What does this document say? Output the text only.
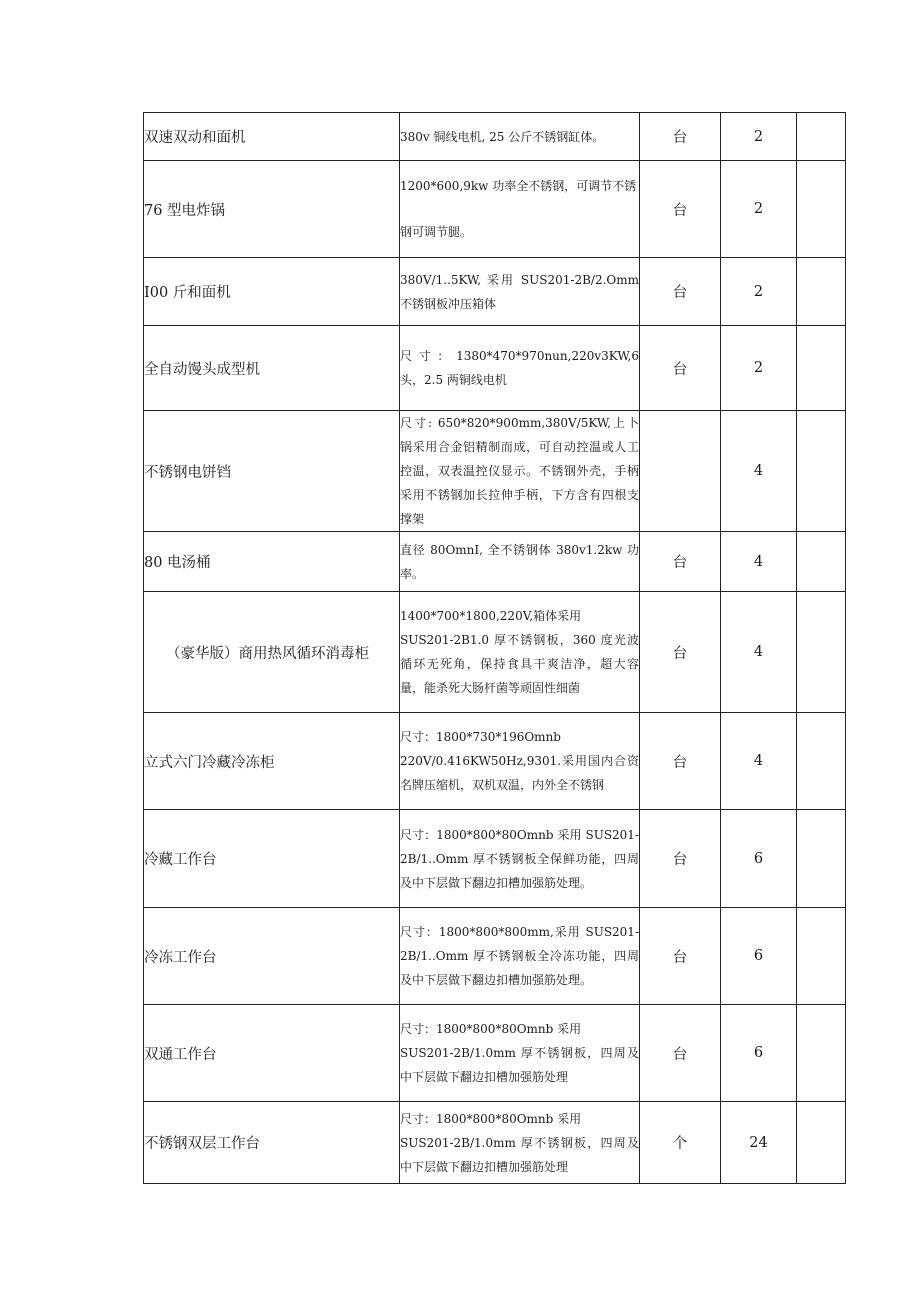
双速双动和面机	380v 铜线电机, 25 公斤不锈钢缸体。	台	2	
76 型电炸锅	1200*600,9kw 功率全不锈钢，可调节不锈
钢可调节腿。	台	2	
I00 斤和面机	380V/1..5KW, 采用 SUS201-2B/2.Omm 不锈钢板冲压箱体	台	2	
全自动馒头成型机	尺寸：1380*470*970nun,220v3KW,6 头，2.5 两铜线电机	台	2	
不锈钢电饼铛	尺寸: 650*820*900mm,380V/5KW,上卜锅采用合金铝精制而成，可自动控温或人工控温，双表温控仪显示。不锈钢外壳，手柄采用不锈钢加长拉伸手柄，下方含有四根支撑架		4	
80 电汤桶	直径 80OmnI, 全不锈钢体 380v1.2kw 功率。	台	4	
（豪华版）商用热风循环消毒柜	1400*700*1800,220V,箱体采用
SUS201-2B1.0 厚不锈钢板，360 度光波循环无死角，保持食具干爽洁净，超大容量，能杀死大肠杆菌等顽固性细菌	台	4	
立式六门冷藏冷冻柜	尺寸：1800*730*196Omnb
220V/0.416KW50Hz,9301.采用国内合资名牌压缩机，双机双温，内外全不锈钢	台	4	
冷藏工作台	尺寸：1800*800*80Omnb 采用 SUS201-2B/1..Omm 厚不锈钢板全保鲜功能，四周及中下层做下翻边扣槽加强筋处理。	台	6	
冷冻工作台	尺寸：1800*800*800mm,采用 SUS201-2B/1..Omm 厚不锈钢板全冷冻功能，四周及中下层做下翻边扣槽加强筋处理。	台	6	
双通工作台	尺寸：1800*800*80Omnb 采用
SUS201-2B/1.0mm 厚不锈钢板，四周及中下层做下翻边扣槽加强筋处理	台	6	
不锈钢双层工作台	尺寸：1800*800*80Omnb 采用
SUS201-2B/1.0mm 厚不锈钢板，四周及中下层做下翻边扣槽加强筋处理	个	24	
